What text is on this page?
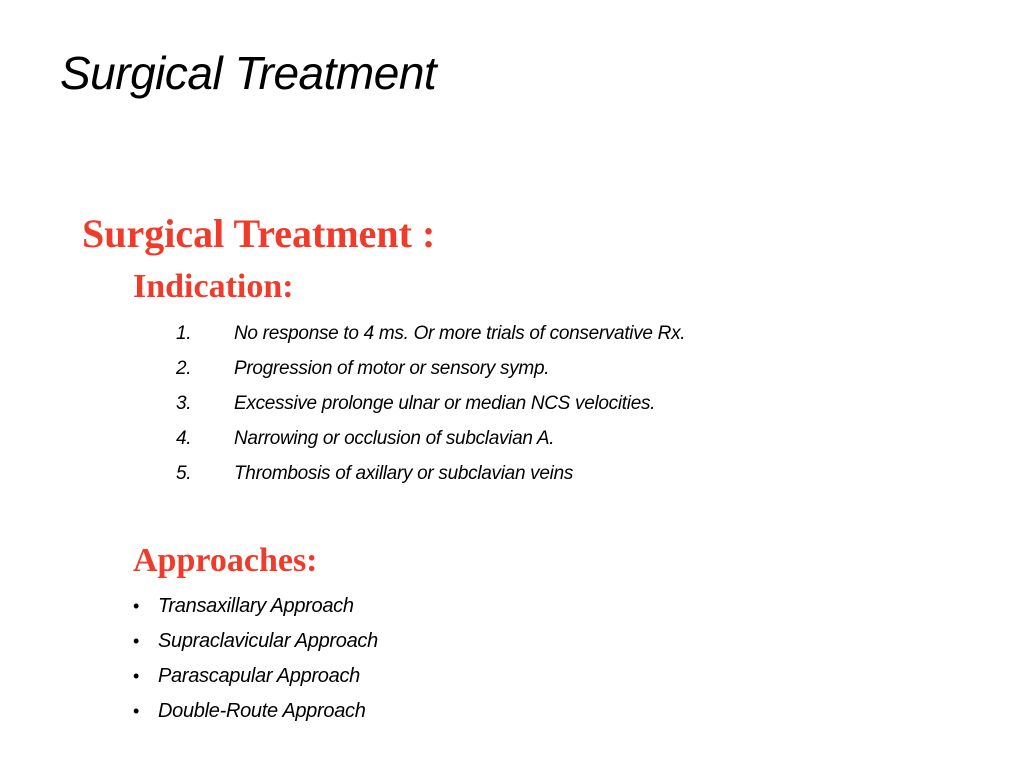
Surgical Treatment
Surgical Treatment :
Indication:
1.	No response to 4 ms. Or more trials of conservative Rx.
2.	Progression of motor or sensory symp.
3.	Excessive prolonge ulnar or median NCS velocities.
4.	Narrowing or occlusion of subclavian A.
5.	Thrombosis of axillary or subclavian veins
Approaches:
• Transaxillary Approach
• Supraclavicular Approach
• Parascapular Approach
• Double-Route Approach
